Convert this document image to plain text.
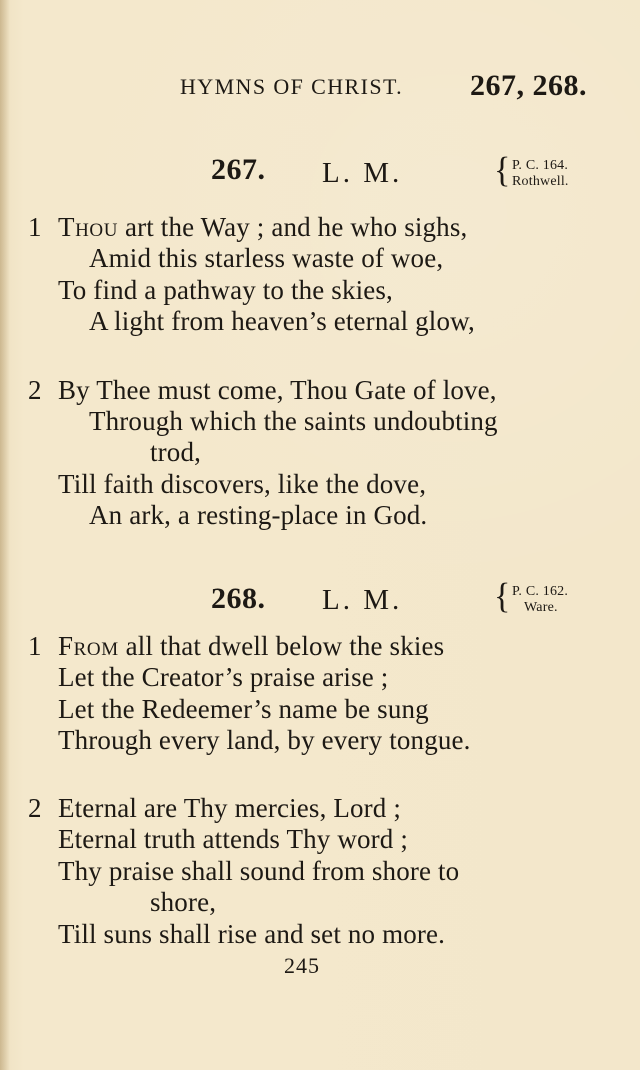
HYMNS OF CHRIST. 267, 268.
267. L. M.	{ P. C. 164.
Rothwell.
1 Thou art the Way ; and he who sighs,
Amid this starless waste of woe,
To find a pathway to the skies,
A light from heaven’s eternal glow,
2 By Thee must come, Thou Gate of love,
Through which the saints undoubting
trod,
Till faith discovers, like the dove,
An ark, a resting-place in God.
268. L. M.	{ P. C. 162.
Ware.
1 From all that dwell below the skies
Let the Creator’s praise arise ;
Let the Redeemer’s name be sung
Through every land, by every tongue.
2 Eternal are Thy mercies, Lord ;
Eternal truth attends Thy word ;
Thy praise shall sound from shore to
shore,
Till suns shall rise and set no more.
245
